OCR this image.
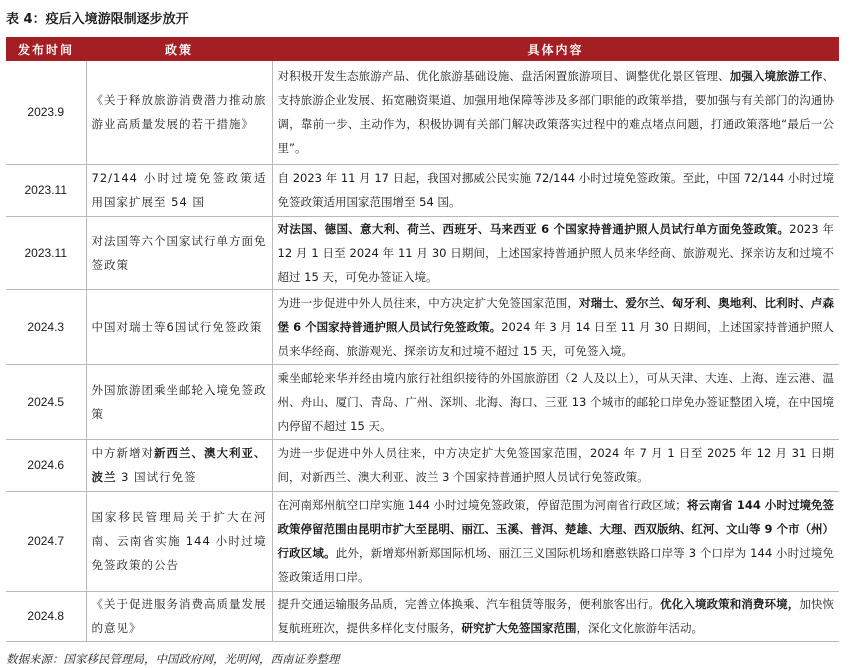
表 4：疫后入境游限制逐步放开
发布时间	政策	具体内容
2023.9	《关于释放旅游消费潜力推动旅游业高质量发展的若干措施》	对积极开发生态旅游产品、优化旅游基础设施、盘活闲置旅游项目、调整优化景区管理、加强入境旅游工作、支持旅游企业发展、拓宽融资渠道、加强用地保障等涉及多部门职能的政策举措，要加强与有关部门的沟通协调，靠前一步、主动作为，积极协调有关部门解决政策落实过程中的难点堵点问题，打通政策落地“最后一公里”。
2023.11	72/144 小时过境免签政策适用国家扩展至 54 国	自 2023 年 11 月 17 日起，我国对挪威公民实施 72/144 小时过境免签政策。至此，中国 72/144 小时过境免签政策适用国家范围增至 54 国。
2023.11	对法国等六个国家试行单方面免签政策	对法国、德国、意大利、荷兰、西班牙、马来西亚 6 个国家持普通护照人员试行单方面免签政策。2023 年 12 月 1 日至 2024 年 11 月 30 日期间，上述国家持普通护照人员来华经商、旅游观光、探亲访友和过境不超过 15 天，可免办签证入境。
2024.3	中国对瑞士等6国试行免签政策	为进一步促进中外人员往来，中方决定扩大免签国家范围，对瑞士、爱尔兰、匈牙利、奥地利、比利时、卢森堡 6 个国家持普通护照人员试行免签政策。2024 年 3 月 14 日至 11 月 30 日期间，上述国家持普通护照人员来华经商、旅游观光、探亲访友和过境不超过 15 天，可免签入境。
2024.5	外国旅游团乘坐邮轮入境免签政策	乘坐邮轮来华并经由境内旅行社组织接待的外国旅游团（2 人及以上），可从天津、大连、上海、连云港、温州、舟山、厦门、青岛、广州、深圳、北海、海口、三亚 13 个城市的邮轮口岸免办签证整团入境，在中国境内停留不超过 15 天。
2024.6	中方新增对新西兰、澳大利亚、波兰 3 国试行免签	为进一步促进中外人员往来，中方决定扩大免签国家范围，2024 年 7 月 1 日至 2025 年 12 月 31 日期间，对新西兰、澳大利亚、波兰 3 个国家持普通护照人员试行免签政策。
2024.7	国家移民管理局关于扩大在河南、云南省实施 144 小时过境免签政策的公告	在河南郑州航空口岸实施 144 小时过境免签政策，停留范围为河南省行政区域；将云南省 144 小时过境免签政策停留范围由昆明市扩大至昆明、丽江、玉溪、普洱、楚雄、大理、西双版纳、红河、文山等 9 个市（州）行政区域。此外，新增郑州新郑国际机场、丽江三义国际机场和磨憨铁路口岸等 3 个口岸为 144 小时过境免签政策适用口岸。
2024.8	《关于促进服务消费高质量发展的意见》	提升交通运输服务品质，完善立体换乘、汽车租赁等服务，便利旅客出行。优化入境政策和消费环境，加快恢复航班班次，提供多样化支付服务，研究扩大免签国家范围，深化文化旅游年活动。
数据来源：国家移民管理局，中国政府网，光明网，西南证券整理
